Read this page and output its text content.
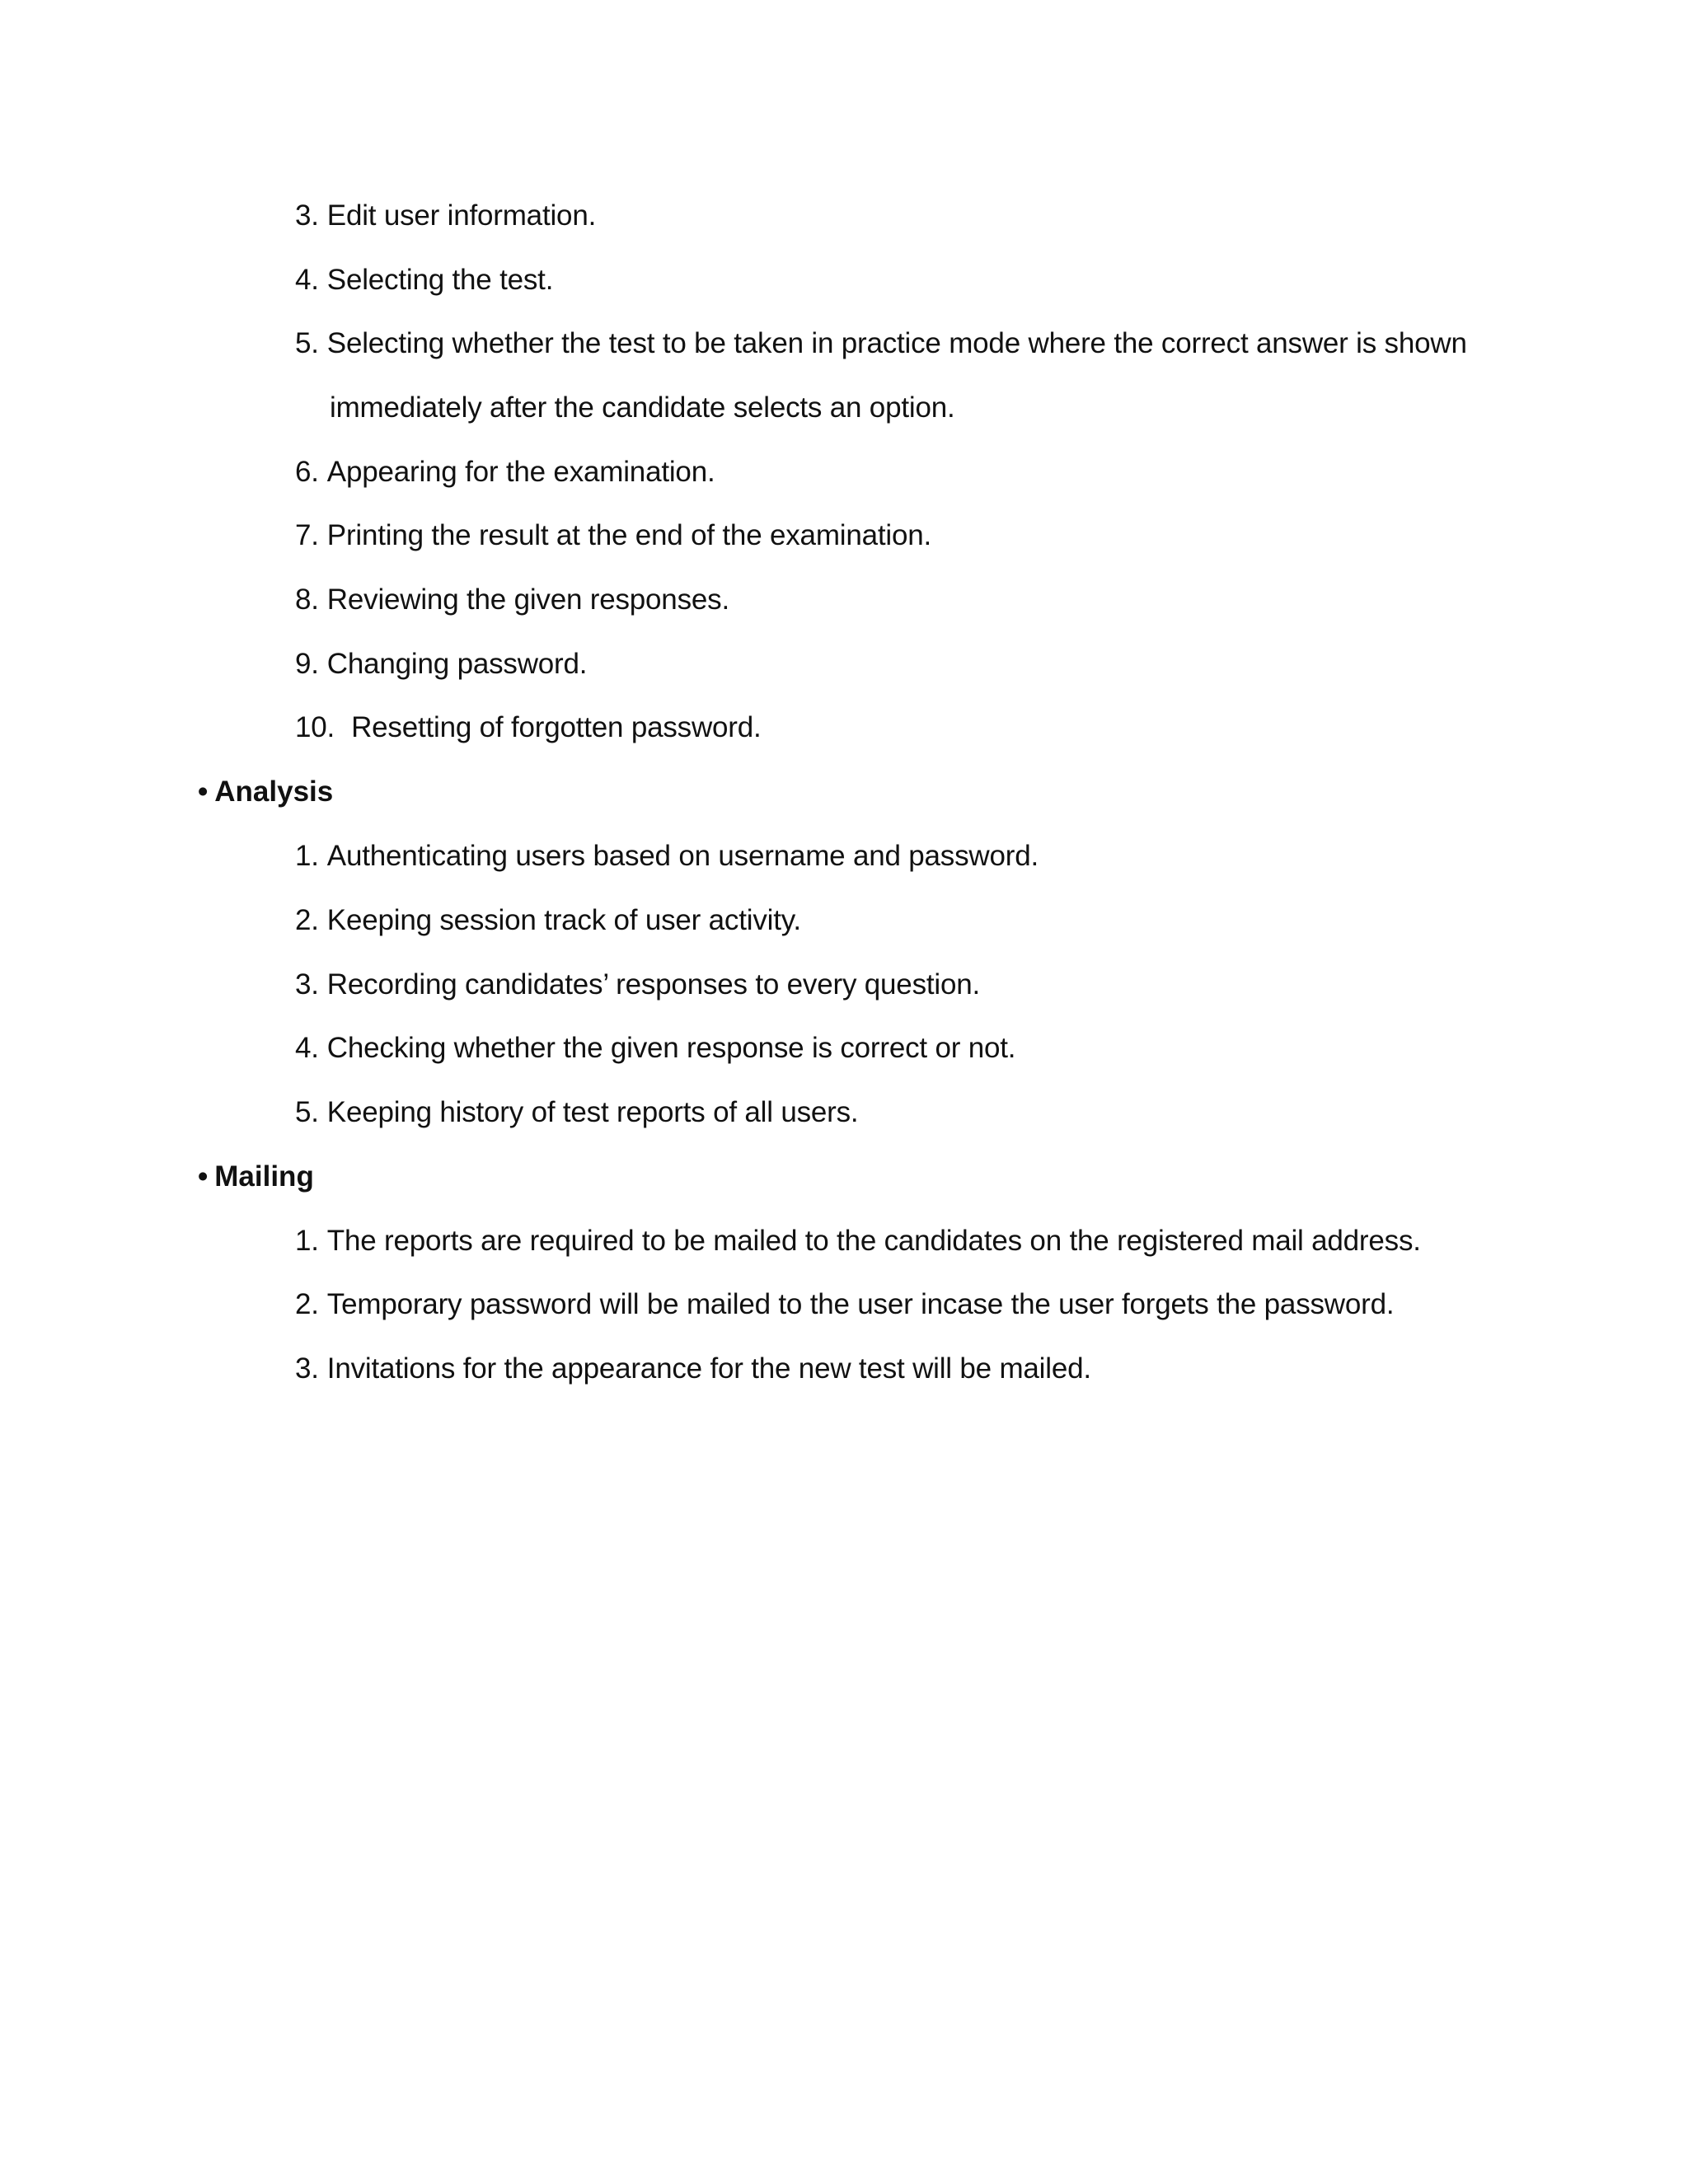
3. Edit user information.
4. Selecting the test.
5. Selecting whether the test to be taken in practice mode where the correct answer is shown
immediately after the candidate selects an option.
6. Appearing for the examination.
7. Printing the result at the end of the examination.
8. Reviewing the given responses.
9. Changing password.
10. Resetting of forgotten password.
• Analysis
1. Authenticating users based on username and password.
2. Keeping session track of user activity.
3. Recording candidates’ responses to every question.
4. Checking whether the given response is correct or not.
5. Keeping history of test reports of all users.
• Mailing
1. The reports are required to be mailed to the candidates on the registered mail address.
2. Temporary password will be mailed to the user incase the user forgets the password.
3. Invitations for the appearance for the new test will be mailed.
